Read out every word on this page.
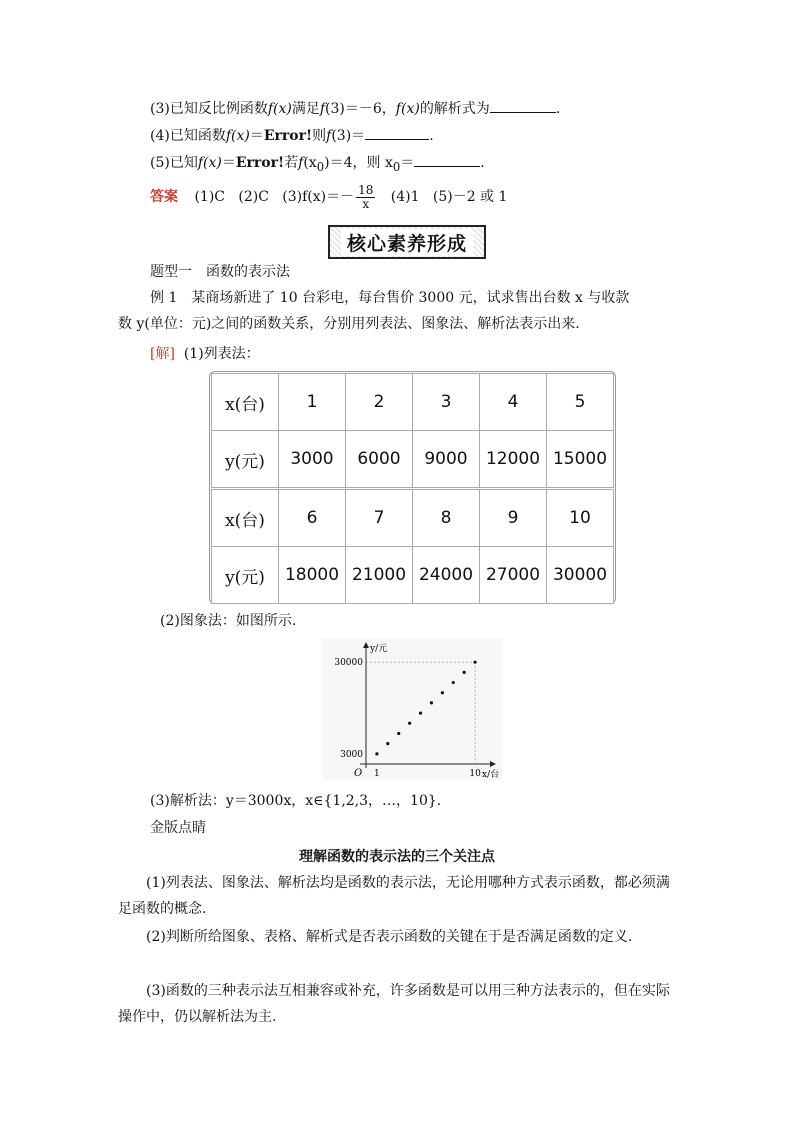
(3)已知反比例函数f(x)满足f(3)＝－6，f(x)的解析式为	.
(4)已知函数f(x)＝Error!则f(3)＝	.
(5)已知f(x)＝Error!若$f(x_0)=4$，则 $x_0=$	.
答案 (1)C (2)C $(3)f(x)=- \frac{18}{x} (4)1$ (5)－2 或 1
核心素养形成
题型一　函数的表示法
例 1　某商场新进了 10 台彩电，每台售价 3000 元，试求售出台数 x 与收款
数 y(单位：元)之间的函数关系，分别用列表法、图象法、解析法表示出来.
[解] (1)列表法：
x(台)	1	2	3	4	5
y(元)	3000	6000	9000	12000	15000
x(台)	6	7	8	9	10
y(元)	18000	21000	24000	27000	30000
(2)图象法：如图所示.
O
y/元
x/台
3000
30000
1	10
(3)解析法：y＝3000x，x∈{1,2,3，…，10}.
金版点睛
理解函数的表示法的三个关注点
(1)列表法、图象法、解析法均是函数的表示法，无论用哪种方式表示函数，都必须满足函数的概念.
(2)判断所给图象、表格、解析式是否表示函数的关键在于是否满足函数的定义.
(3)函数的三种表示法互相兼容或补充，许多函数是可以用三种方法表示的，但在实际操作中，仍以解析法为主.
